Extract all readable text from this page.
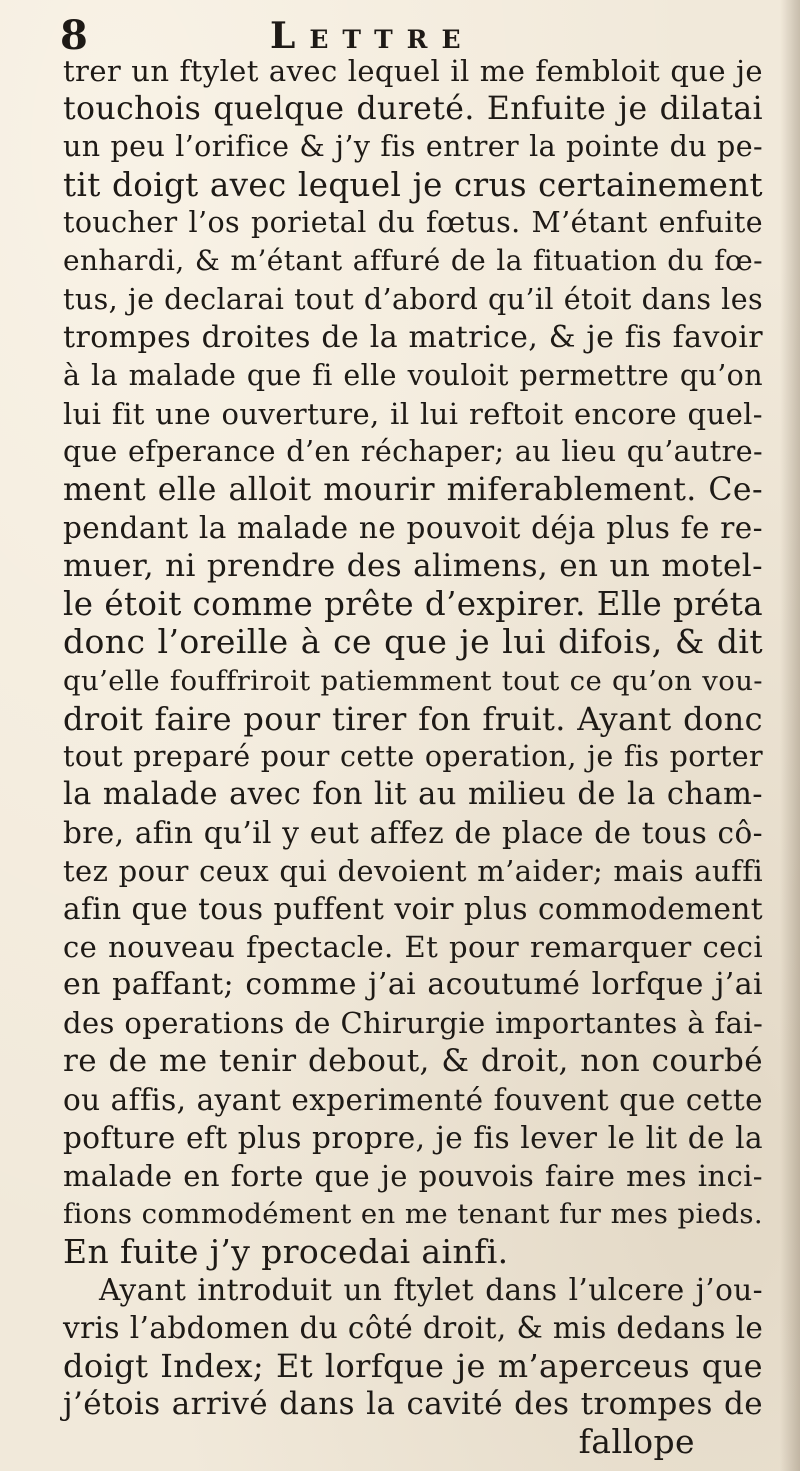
8	Lettre
trer un ftylet avec lequel il me fembloit que je
touchois quelque dureté. Enfuite je dilatai
un peu l’orifice & j’y fis entrer la pointe du pe-
tit doigt avec lequel je crus certainement
toucher l’os porietal du fœtus. M’étant enfuite
enhardi, & m’étant affuré de la fituation du fœ-
tus, je declarai tout d’abord qu’il étoit dans les
trompes droites de la matrice, & je fis favoir
à la malade que fi elle vouloit permettre qu’on
lui fit une ouverture, il lui reftoit encore quel-
que efperance d’en réchaper; au lieu qu’autre-
ment elle alloit mourir miferablement. Ce-
pendant la malade ne pouvoit déja plus fe re-
muer, ni prendre des alimens, en un motel-
le étoit comme prête d’expirer. Elle préta
donc l’oreille à ce que je lui difois, & dit
qu’elle fouffriroit patiemment tout ce qu’on vou-
droit faire pour tirer fon fruit. Ayant donc
tout preparé pour cette operation, je fis porter
la malade avec fon lit au milieu de la cham-
bre, afin qu’il y eut affez de place de tous cô-
tez pour ceux qui devoient m’aider; mais auffi
afin que tous puffent voir plus commodement
ce nouveau fpectacle. Et pour remarquer ceci
en paffant; comme j’ai acoutumé lorfque j’ai
des operations de Chirurgie importantes à fai-
re de me tenir debout, & droit, non courbé
ou affis, ayant experimenté fouvent que cette
pofture eft plus propre, je fis lever le lit de la
malade en forte que je pouvois faire mes inci-
fions commodément en me tenant fur mes pieds.
En fuite j’y procedai ainfi.
Ayant introduit un ftylet dans l’ulcere j’ou-
vris l’abdomen du côté droit, & mis dedans le
doigt Index; Et lorfque je m’aperceus que
j’étois arrivé dans la cavité des trompes de
fallope
